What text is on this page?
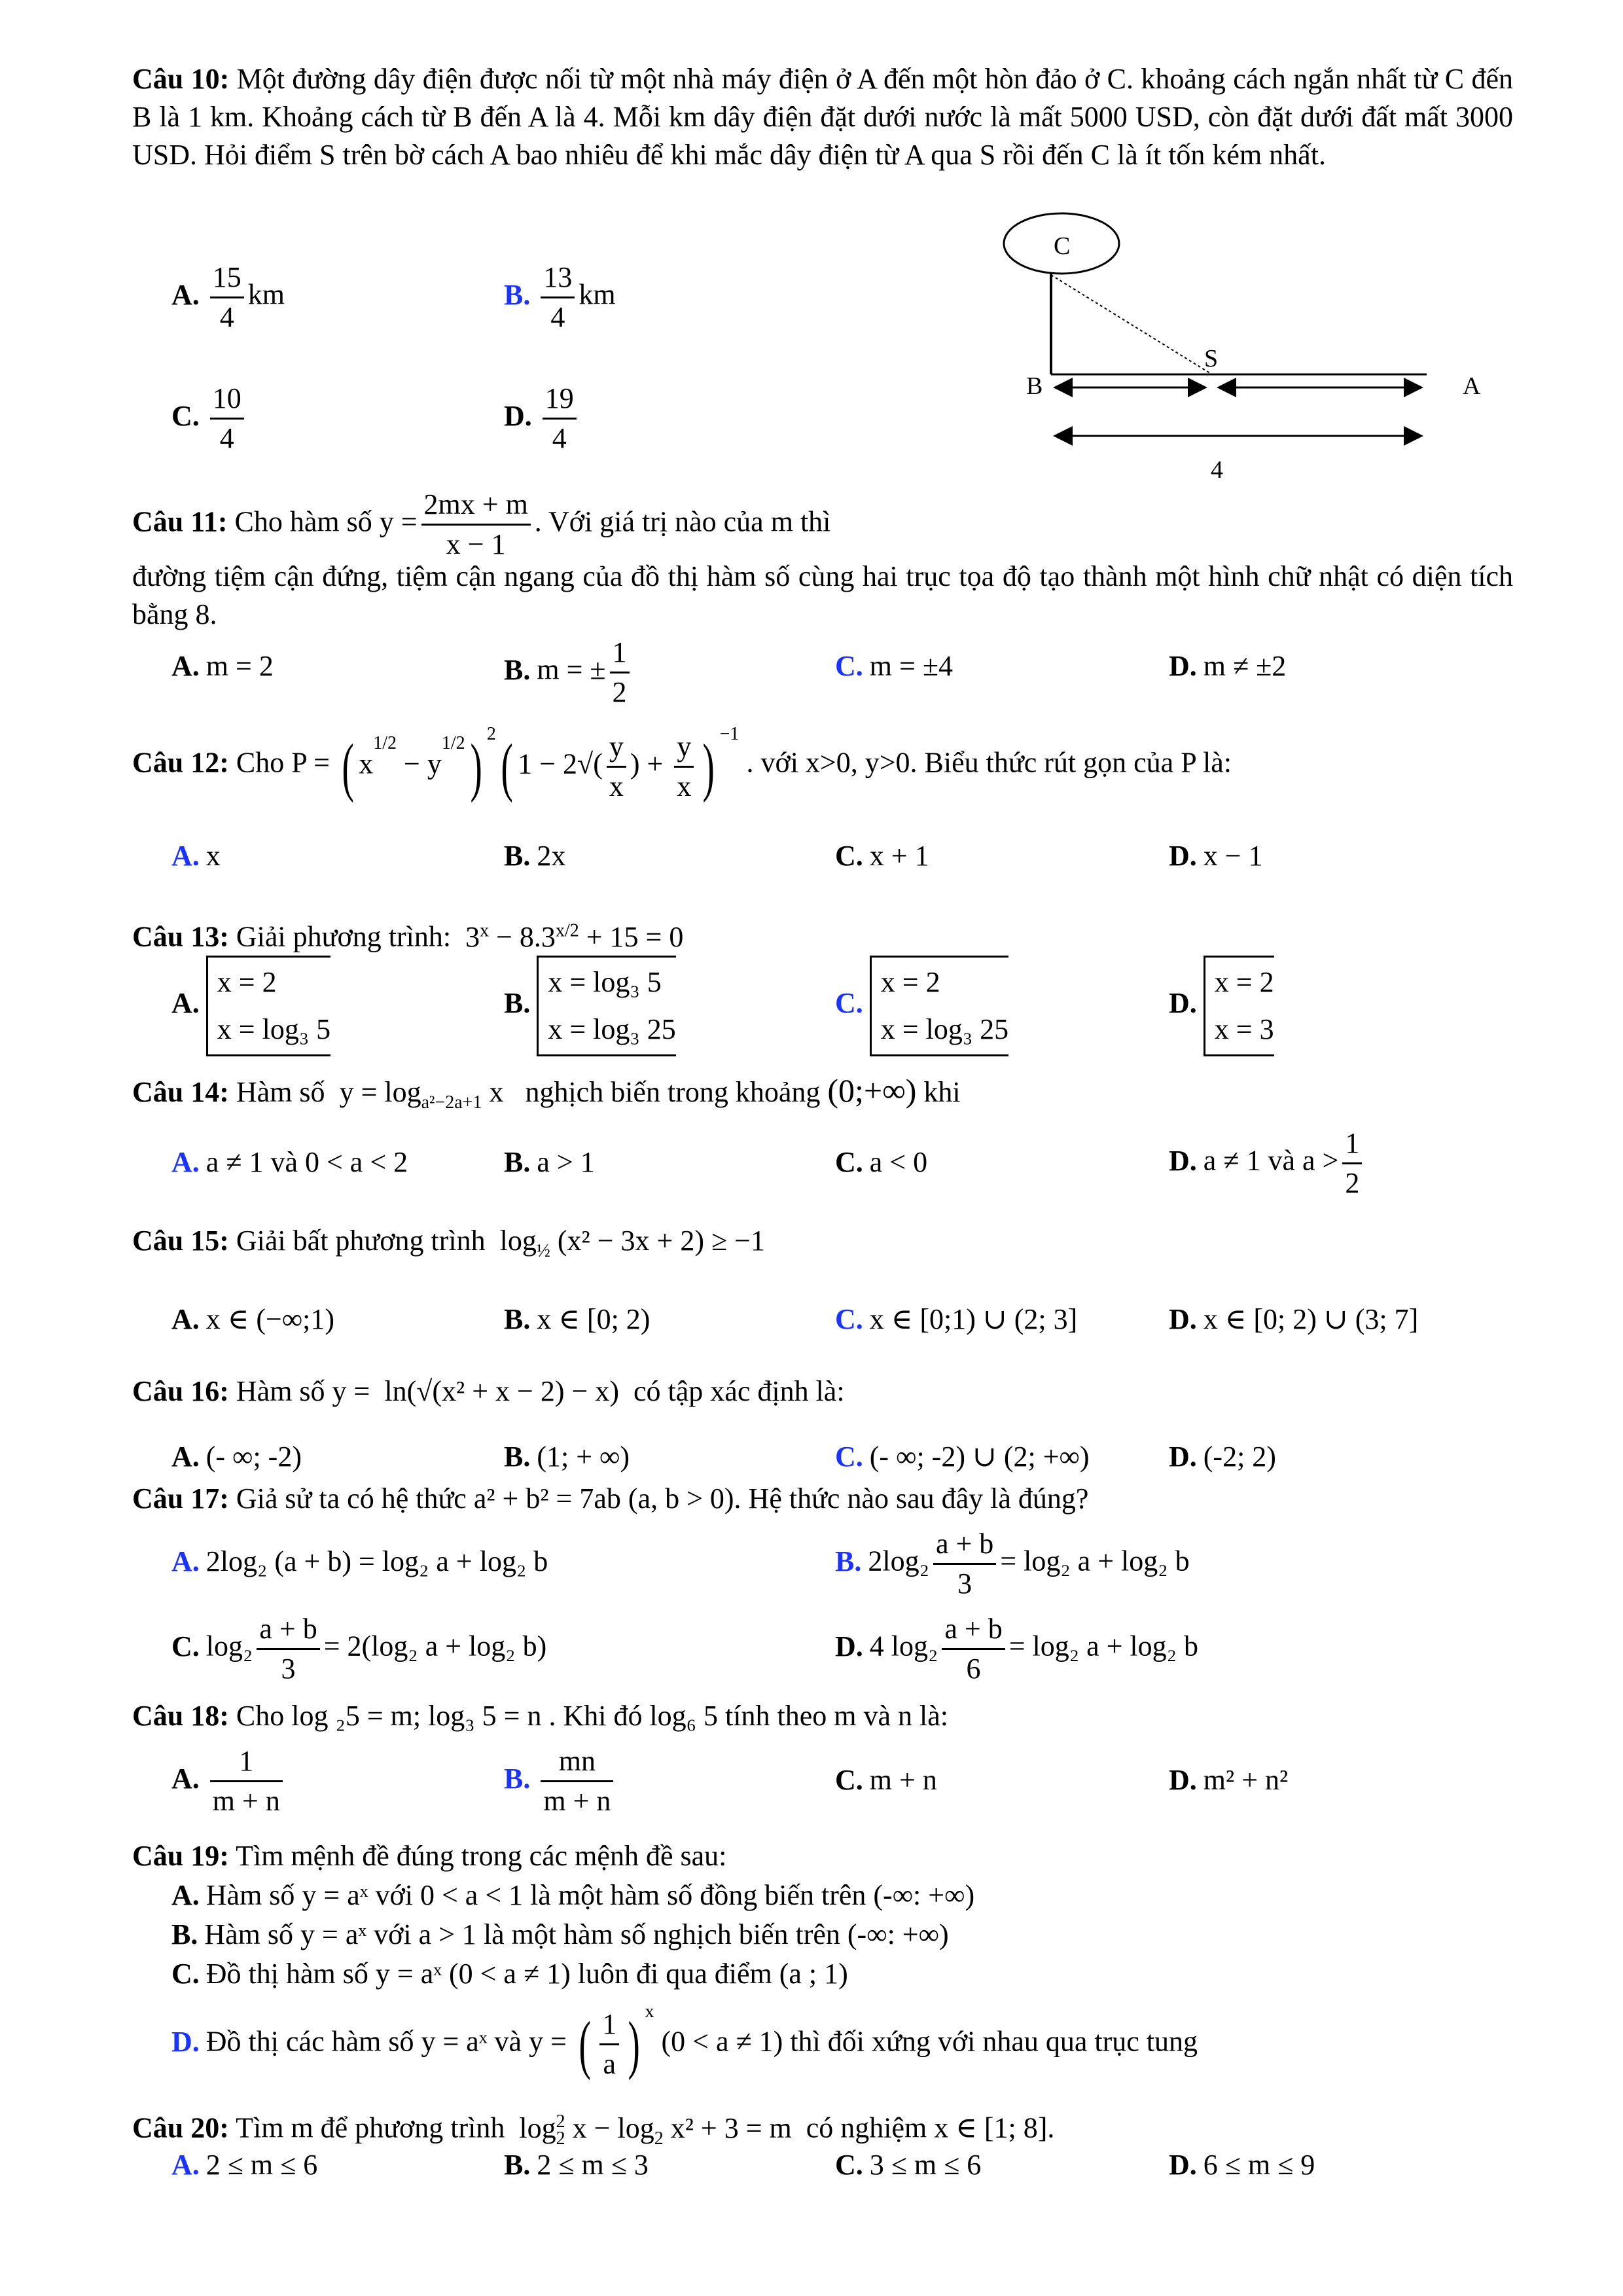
Câu 10: Một đường dây điện được nối từ một nhà máy điện ở A đến một hòn đảo ở C. khoảng cách ngắn nhất từ C đến B là 1 km. Khoảng cách từ B đến A là 4. Mỗi km dây điện đặt dưới nước là mất 5000 USD, còn đặt dưới đất mất 3000 USD. Hỏi điểm S trên bờ cách A bao nhiêu để khi mắc dây điện từ A qua S rồi đến C là ít tốn kém nhất.
A. $\frac{15}{4}$ km	B. $\frac{13}{4}$ km
C. $\frac{10}{4}$	D. $\frac{19}{4}$
C
B
S
A
4
Câu 11: Cho hàm số $y = \frac{2mx + m}{x - 1}$ . Với giá trị nào của m thì
đường tiệm cận đứng, tiệm cận ngang của đồ thị hàm số cùng hai trục tọa độ tạo thành một hình chữ nhật có diện tích bằng 8.
A. m = 2	B. m = ± $\frac{1}{2}$	C. m = ±4	D. m ≠ ±2
Câu 12: Cho P = ( $x^{1/2} - y^{1/2}$) $^2$( $1 - 2√( \frac{y}{x}$ ) + $\frac{y}{x}$ ) $^{-1}$ . với x>0, y>0. Biểu thức rút gọn của P là:
A. x	B. 2x	C. x + 1	D. x − 1
Câu 13: Giải phương trình:  $3^x - 8.3^{x/2} + 15 = 0$
A.
x = 2
x = log₃ 5
B.
x = log₃ 5
x = log₃ 25
C.
x = 2
x = log₃ 25
D.
x = 2
x = 3
Câu 14: Hàm số  $y = \log_{a^2-2a+1} x$   nghịch biến trong khoảng (0;+∞) khi
A. a ≠ 1 và 0 < a < 2	B. a > 1	C. a < 0	D. a ≠ 1 và $a > \frac{1}{2}$
Câu 15: Giải bất phương trình  $\log_{\frac{1}{2}} (x^2 - 3x + 2) \ge -1$
A. x ∈ (−∞;1)	B. x ∈ [0; 2)	C. x ∈ [0;1) ∪ (2; 3]	D. x ∈ [0; 2) ∪ (3; 7]
Câu 16: Hàm số y =  ln(√(x² + x − 2) − x)  có tập xác định là:
A. (- ∞; -2)	B. (1; + ∞)	C. (- ∞; -2) ∪ (2; +∞)	D. (-2; 2)
Câu 17: Giả sử ta có hệ thức a² + b² = 7ab (a, b > 0). Hệ thức nào sau đây là đúng?
A. 2log₂ (a + b) = log₂ a + log₂ b	B. $2\log_2 \frac{a + b}{3} = \log_2$ a + log₂ b
C. $\log_2 \frac{a + b}{3} = 2(\log_2$ a + log₂ b)	D. 4 $\log_2 \frac{a + b}{6} = \log_2$ a + log₂ b
Câu 18: Cho log ₂5 = m; log₃ 5 = n . Khi đó log₆ 5 tính theo m và n là:
A. $\frac{1}{m + n}$	B. $\frac{mn}{m + n}$	C. m + n	D. m² + n²
Câu 19: Tìm mệnh đề đúng trong các mệnh đề sau:
A. Hàm số y = aˣ với 0 < a < 1 là một hàm số đồng biến trên (-∞: +∞)
B. Hàm số y = aˣ với a > 1 là một hàm số nghịch biến trên (-∞: +∞)
C. Đồ thị hàm số y = aˣ (0 < a ≠ 1) luôn đi qua điểm (a ; 1)
D. Đồ thị các hàm số y = aˣ và y = ( $\frac{1}{a}$ ) $^x$ (0 < a ≠ 1) thì đối xứng với nhau qua trục tung
Câu 20: Tìm m để phương trình  $\log_2^2 x - \log_2 x^2 + 3 = m$  có nghiệm x ∈ [1; 8].
A. 2 ≤ m ≤ 6	B. 2 ≤ m ≤ 3	C. 3 ≤ m ≤ 6	D. 6 ≤ m ≤ 9
